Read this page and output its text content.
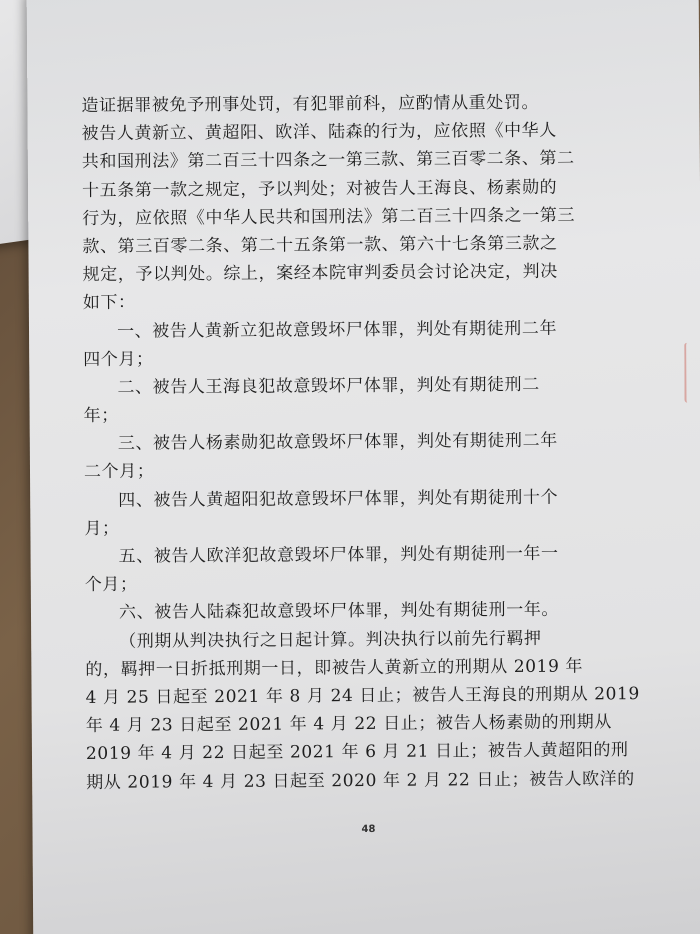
造证据罪被免予刑事处罚，有犯罪前科，应酌情从重处罚。
被告人黄新立、黄超阳、欧洋、陆森的行为，应依照《中华人
共和国刑法》第二百三十四条之一第三款、第三百零二条、第二
十五条第一款之规定，予以判处；对被告人王海良、杨素勋的
行为，应依照《中华人民共和国刑法》第二百三十四条之一第三
款、第三百零二条、第二十五条第一款、第六十七条第三款之
规定，予以判处。综上，案经本院审判委员会讨论决定，判决
如下：
一、被告人黄新立犯故意毁坏尸体罪，判处有期徒刑二年
四个月；
二、被告人王海良犯故意毁坏尸体罪，判处有期徒刑二
年；
三、被告人杨素勋犯故意毁坏尸体罪，判处有期徒刑二年
二个月；
四、被告人黄超阳犯故意毁坏尸体罪，判处有期徒刑十个
月；
五、被告人欧洋犯故意毁坏尸体罪，判处有期徒刑一年一
个月；
六、被告人陆森犯故意毁坏尸体罪，判处有期徒刑一年。
（刑期从判决执行之日起计算。判决执行以前先行羁押
的，羁押一日折抵刑期一日，即被告人黄新立的刑期从 2019 年
4 月 25 日起至 2021 年 8 月 24 日止；被告人王海良的刑期从 2019
年 4 月 23 日起至 2021 年 4 月 22 日止；被告人杨素勋的刑期从
2019 年 4 月 22 日起至 2021 年 6 月 21 日止；被告人黄超阳的刑
期从 2019 年 4 月 23 日起至 2020 年 2 月 22 日止；被告人欧洋的
48
